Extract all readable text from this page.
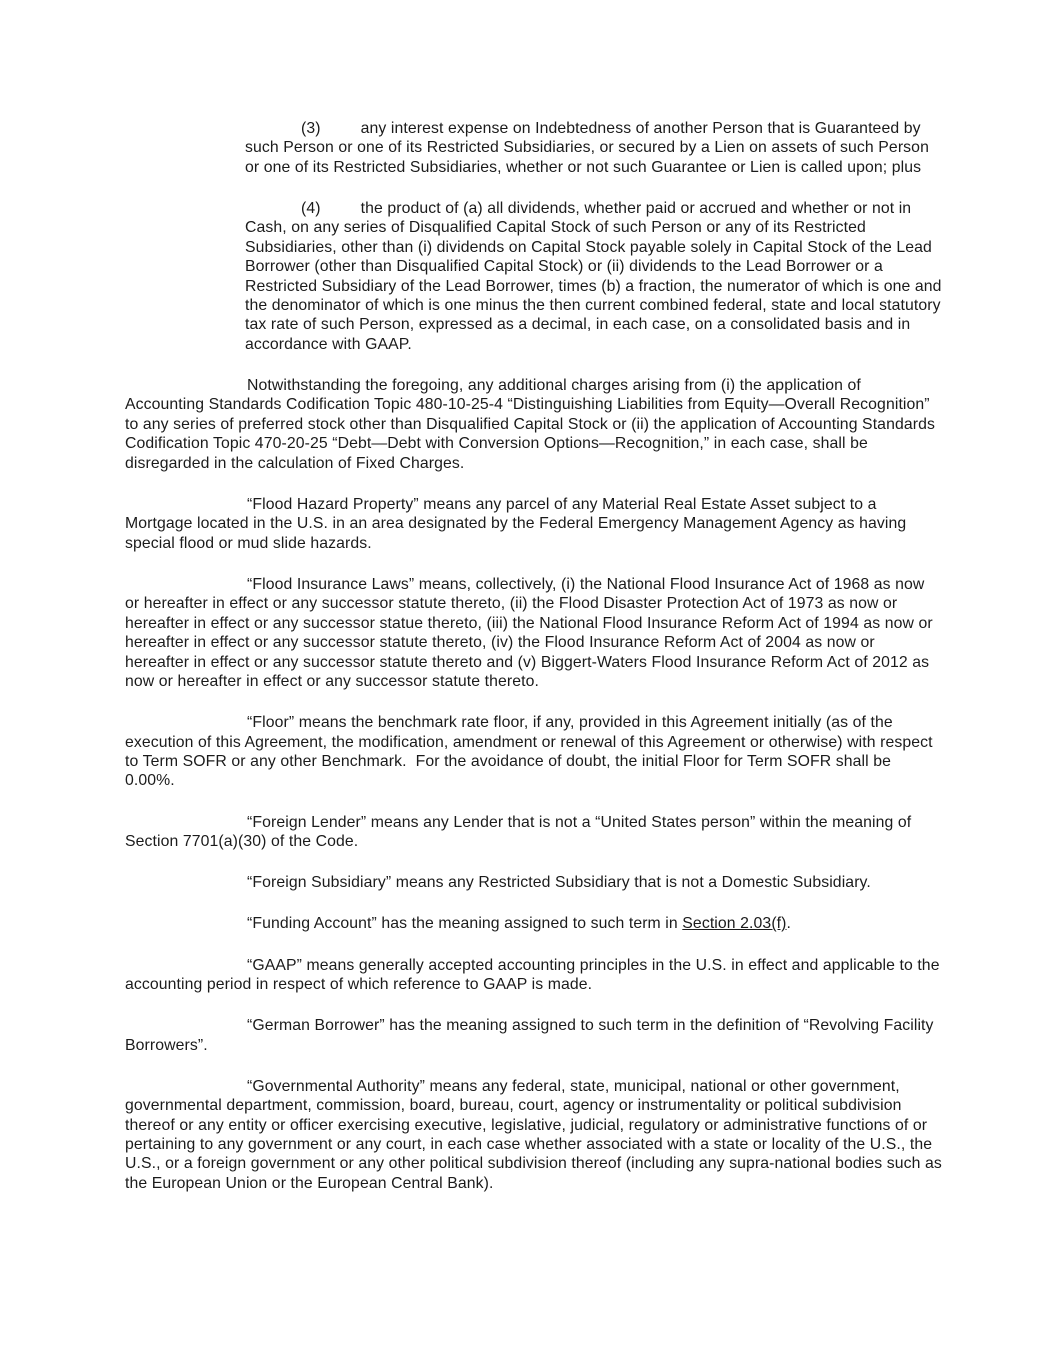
(3)	any interest expense on Indebtedness of another Person that is Guaranteed by such Person or one of its Restricted Subsidiaries, or secured by a Lien on assets of such Person or one of its Restricted Subsidiaries, whether or not such Guarantee or Lien is called upon; plus

(4)	the product of (a) all dividends, whether paid or accrued and whether or not in Cash, on any series of Disqualified Capital Stock of such Person or any of its Restricted Subsidiaries, other than (i) dividends on Capital Stock payable solely in Capital Stock of the Lead Borrower (other than Disqualified Capital Stock) or (ii) dividends to the Lead Borrower or a Restricted Subsidiary of the Lead Borrower, times (b) a fraction, the numerator of which is one and the denominator of which is one minus the then current combined federal, state and local statutory tax rate of such Person, expressed as a decimal, in each case, on a consolidated basis and in accordance with GAAP.

Notwithstanding the foregoing, any additional charges arising from (i) the application of Accounting Standards Codification Topic 480-10-25-4 “Distinguishing Liabilities from Equity—Overall Recognition” to any series of preferred stock other than Disqualified Capital Stock or (ii) the application of Accounting Standards Codification Topic 470-20-25 “Debt—Debt with Conversion Options—Recognition,” in each case, shall be disregarded in the calculation of Fixed Charges.

“Flood Hazard Property” means any parcel of any Material Real Estate Asset subject to a Mortgage located in the U.S. in an area designated by the Federal Emergency Management Agency as having special flood or mud slide hazards.

“Flood Insurance Laws” means, collectively, (i) the National Flood Insurance Act of 1968 as now or hereafter in effect or any successor statute thereto, (ii) the Flood Disaster Protection Act of 1973 as now or hereafter in effect or any successor statue thereto, (iii) the National Flood Insurance Reform Act of 1994 as now or hereafter in effect or any successor statute thereto, (iv) the Flood Insurance Reform Act of 2004 as now or hereafter in effect or any successor statute thereto and (v) Biggert-Waters Flood Insurance Reform Act of 2012 as now or hereafter in effect or any successor statute thereto.

“Floor” means the benchmark rate floor, if any, provided in this Agreement initially (as of the execution of this Agreement, the modification, amendment or renewal of this Agreement or otherwise) with respect to Term SOFR or any other Benchmark.  For the avoidance of doubt, the initial Floor for Term SOFR shall be 0.00%.

“Foreign Lender” means any Lender that is not a “United States person” within the meaning of Section 7701(a)(30) of the Code.

“Foreign Subsidiary” means any Restricted Subsidiary that is not a Domestic Subsidiary.

“Funding Account” has the meaning assigned to such term in Section 2.03(f).

“GAAP” means generally accepted accounting principles in the U.S. in effect and applicable to the accounting period in respect of which reference to GAAP is made.

“German Borrower” has the meaning assigned to such term in the definition of “Revolving Facility Borrowers”.

“Governmental Authority” means any federal, state, municipal, national or other government, governmental department, commission, board, bureau, court, agency or instrumentality or political subdivision thereof or any entity or officer exercising executive, legislative, judicial, regulatory or administrative functions of or pertaining to any government or any court, in each case whether associated with a state or locality of the U.S., the U.S., or a foreign government or any other political subdivision thereof (including any supra-national bodies such as the European Union or the European Central Bank).
